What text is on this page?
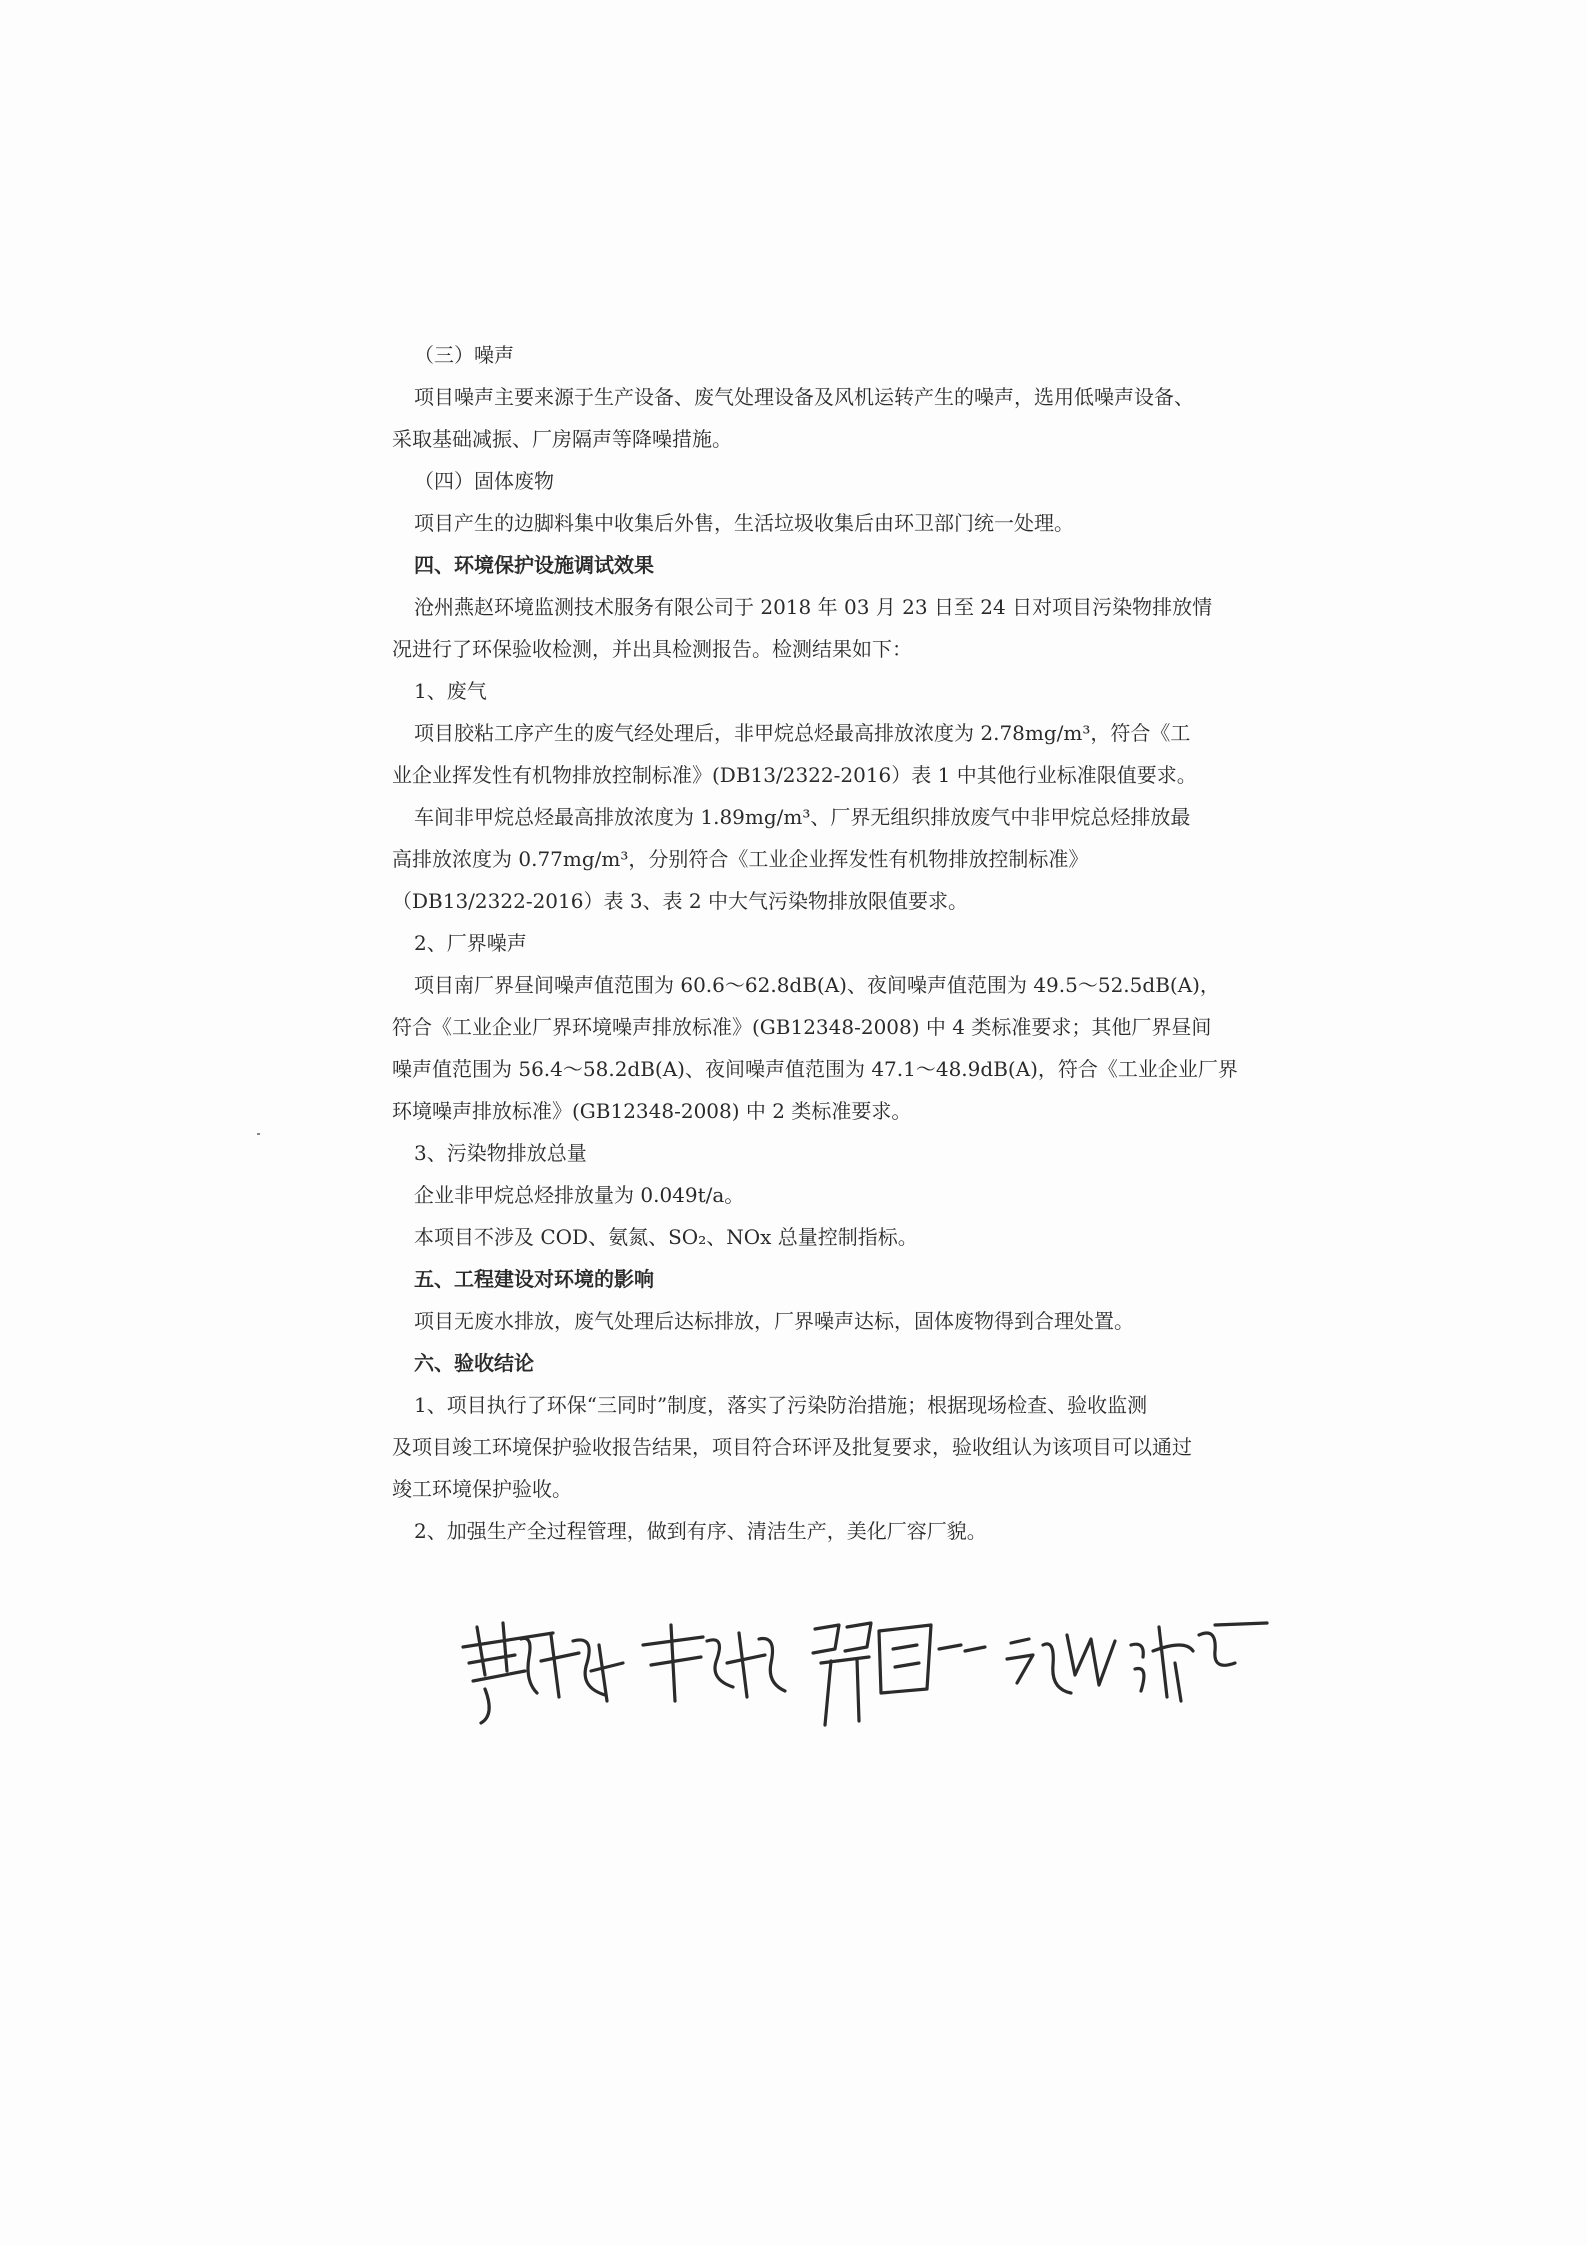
（三）噪声
项目噪声主要来源于生产设备、废气处理设备及风机运转产生的噪声，选用低噪声设备、
采取基础减振、厂房隔声等降噪措施。
（四）固体废物
项目产生的边脚料集中收集后外售，生活垃圾收集后由环卫部门统一处理。
四、环境保护设施调试效果
沧州燕赵环境监测技术服务有限公司于 2018 年 03 月 23 日至 24 日对项目污染物排放情
况进行了环保验收检测，并出具检测报告。检测结果如下：
1、废气
项目胶粘工序产生的废气经处理后，非甲烷总烃最高排放浓度为 2.78mg/m³，符合《工
业企业挥发性有机物排放控制标准》(DB13/2322-2016）表 1 中其他行业标准限值要求。
车间非甲烷总烃最高排放浓度为 1.89mg/m³、厂界无组织排放废气中非甲烷总烃排放最
高排放浓度为 0.77mg/m³，分别符合《工业企业挥发性有机物排放控制标准》
（DB13/2322-2016）表 3、表 2 中大气污染物排放限值要求。
2、厂界噪声
项目南厂界昼间噪声值范围为 60.6～62.8dB(A)、夜间噪声值范围为 49.5～52.5dB(A)，
符合《工业企业厂界环境噪声排放标准》(GB12348-2008) 中 4 类标准要求；其他厂界昼间
噪声值范围为 56.4～58.2dB(A)、夜间噪声值范围为 47.1～48.9dB(A)，符合《工业企业厂界
环境噪声排放标准》(GB12348-2008) 中 2 类标准要求。
3、污染物排放总量
企业非甲烷总烃排放量为 0.049t/a。
本项目不涉及 COD、氨氮、SO₂、NOx 总量控制指标。
五、工程建设对环境的影响
项目无废水排放，废气处理后达标排放，厂界噪声达标，固体废物得到合理处置。
六、验收结论
1、项目执行了环保“三同时”制度，落实了污染防治措施；根据现场检查、验收监测
及项目竣工环境保护验收报告结果，项目符合环评及批复要求，验收组认为该项目可以通过
竣工环境保护验收。
2、加强生产全过程管理，做到有序、清洁生产，美化厂容厂貌。
